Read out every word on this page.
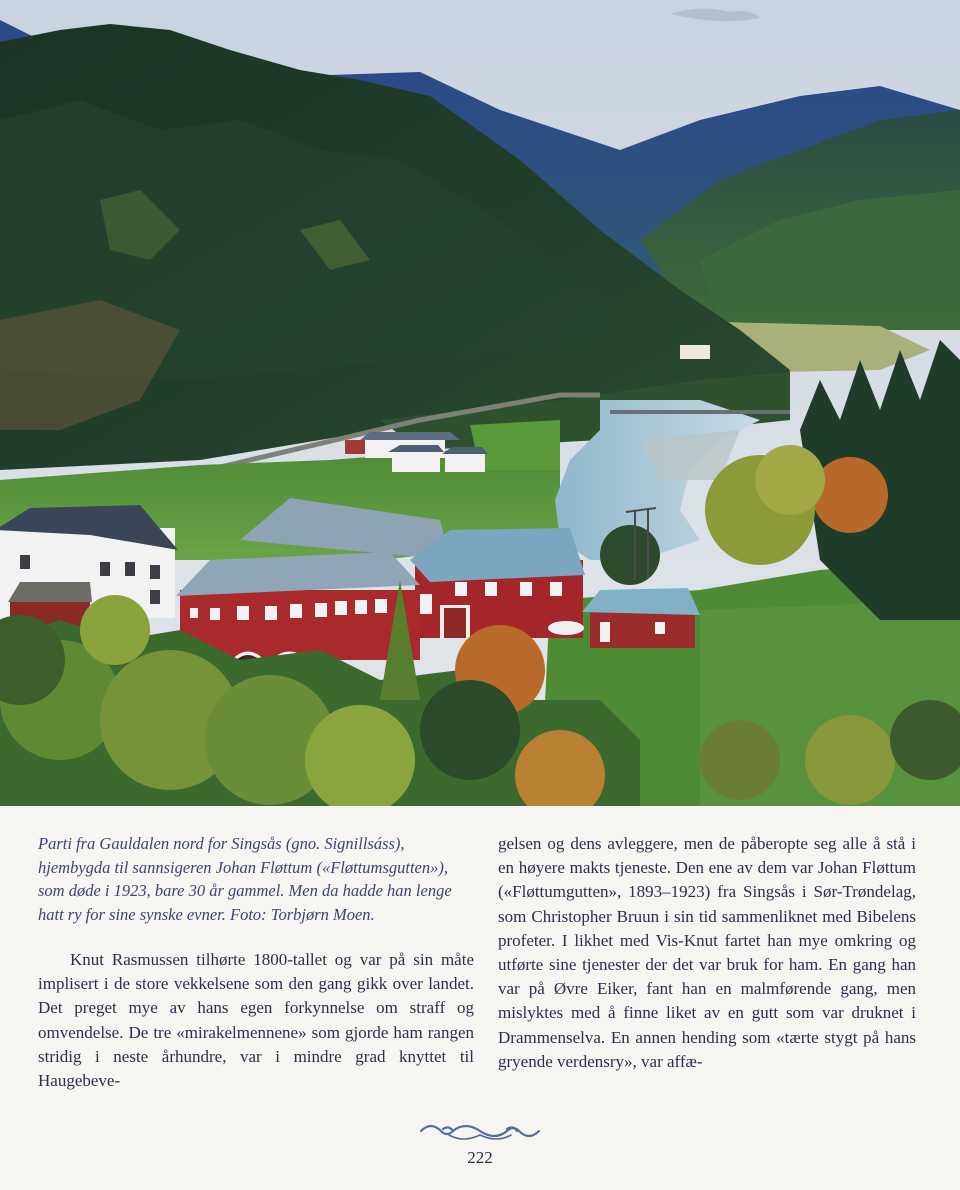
Parti fra Gauldalen nord for Singsås (gno. Signillsáss), hjembygda til sannsigeren Johan Fløttum («Fløttumsgutten»), som døde i 1923, bare 30 år gammel. Men da hadde han lenge hatt ry for sine synske evner. Foto: Torbjørn Moen.

Knut Rasmussen tilhørte 1800-tallet og var på sin måte implisert i de store vekkelsene som den gang gikk over landet. Det preget mye av hans egen forkynnelse om straff og omvendelse. De tre «mirakelmennene» som gjorde ham rangen stridig i neste århundre, var i mindre grad knyttet til Haugebeve-

gelsen og dens avleggere, men de påberopte seg alle å stå i en høyere makts tjeneste. Den ene av dem var Johan Fløttum («Fløttumgutten», 1893–1923) fra Singsås i Sør-Trøndelag, som Christopher Bruun i sin tid sammenliknet med Bibelens profeter. I likhet med Vis-Knut fartet han mye omkring og utførte sine tjenester der det var bruk for ham. En gang han var på Øvre Eiker, fant han en malmførende gang, men mislyktes med å finne liket av en gutt som var druknet i Drammenselva. En annen hending som «tærte stygt på hans gryende verdensry», var affæ-

222
